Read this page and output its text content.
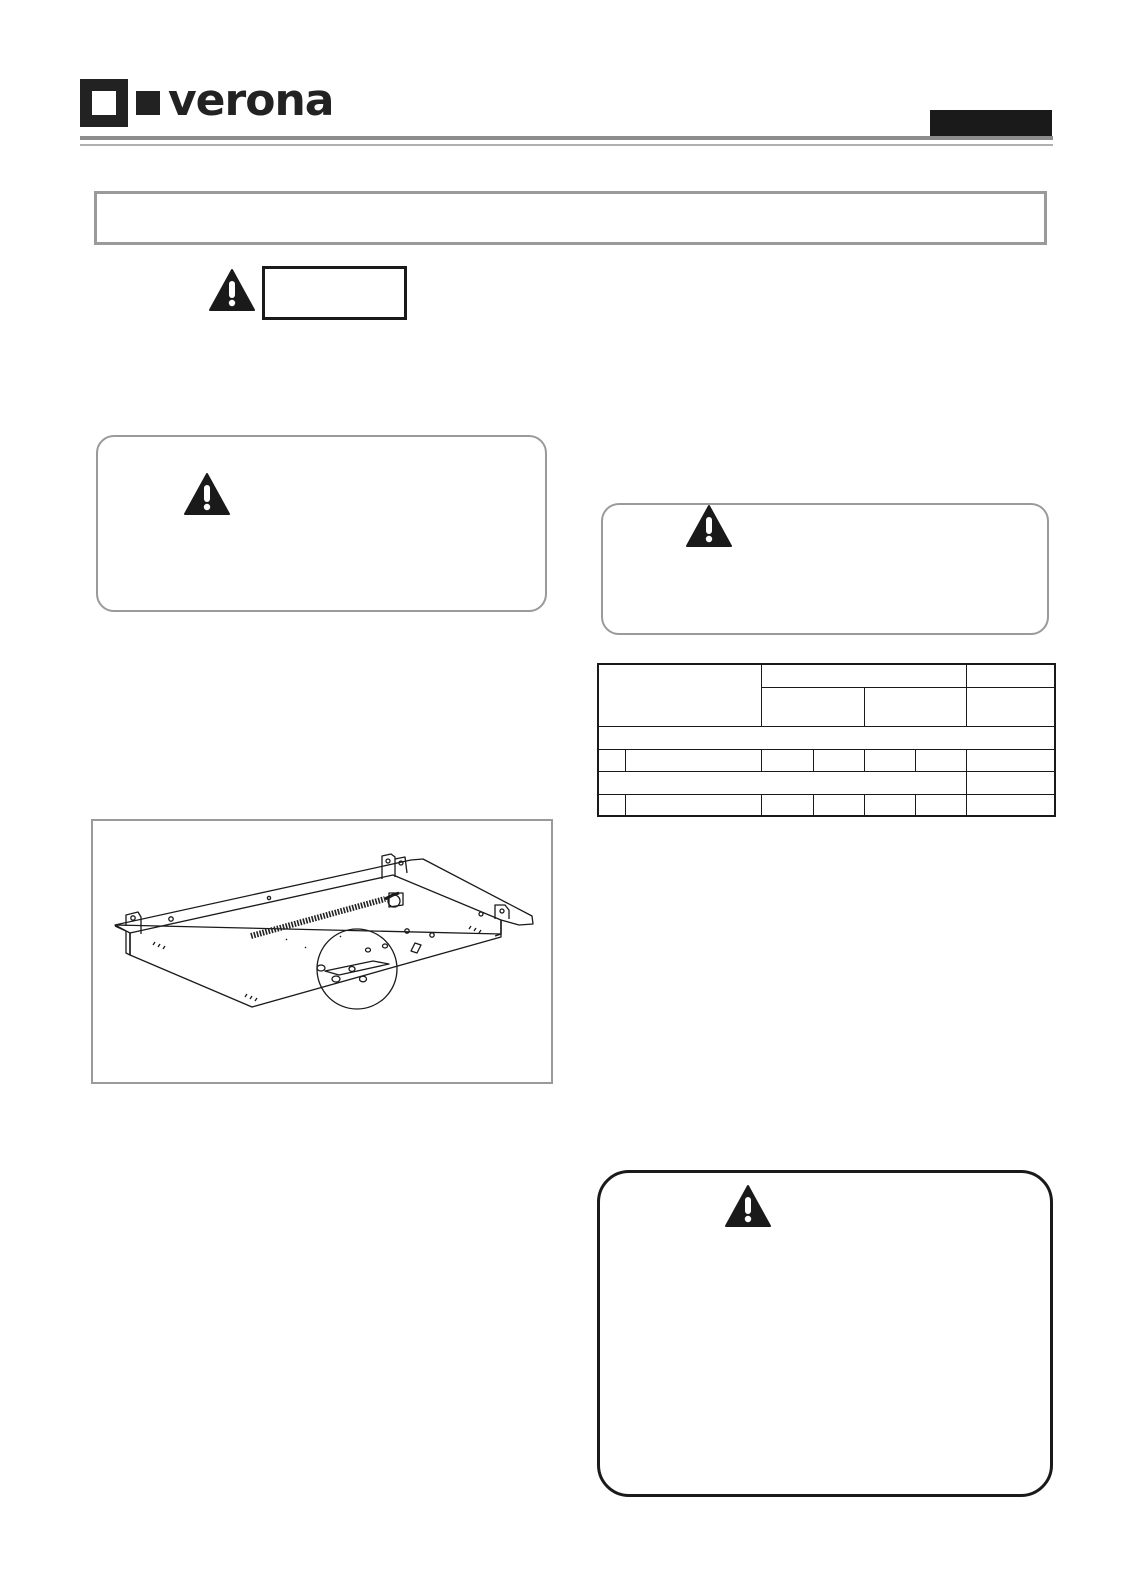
verona
